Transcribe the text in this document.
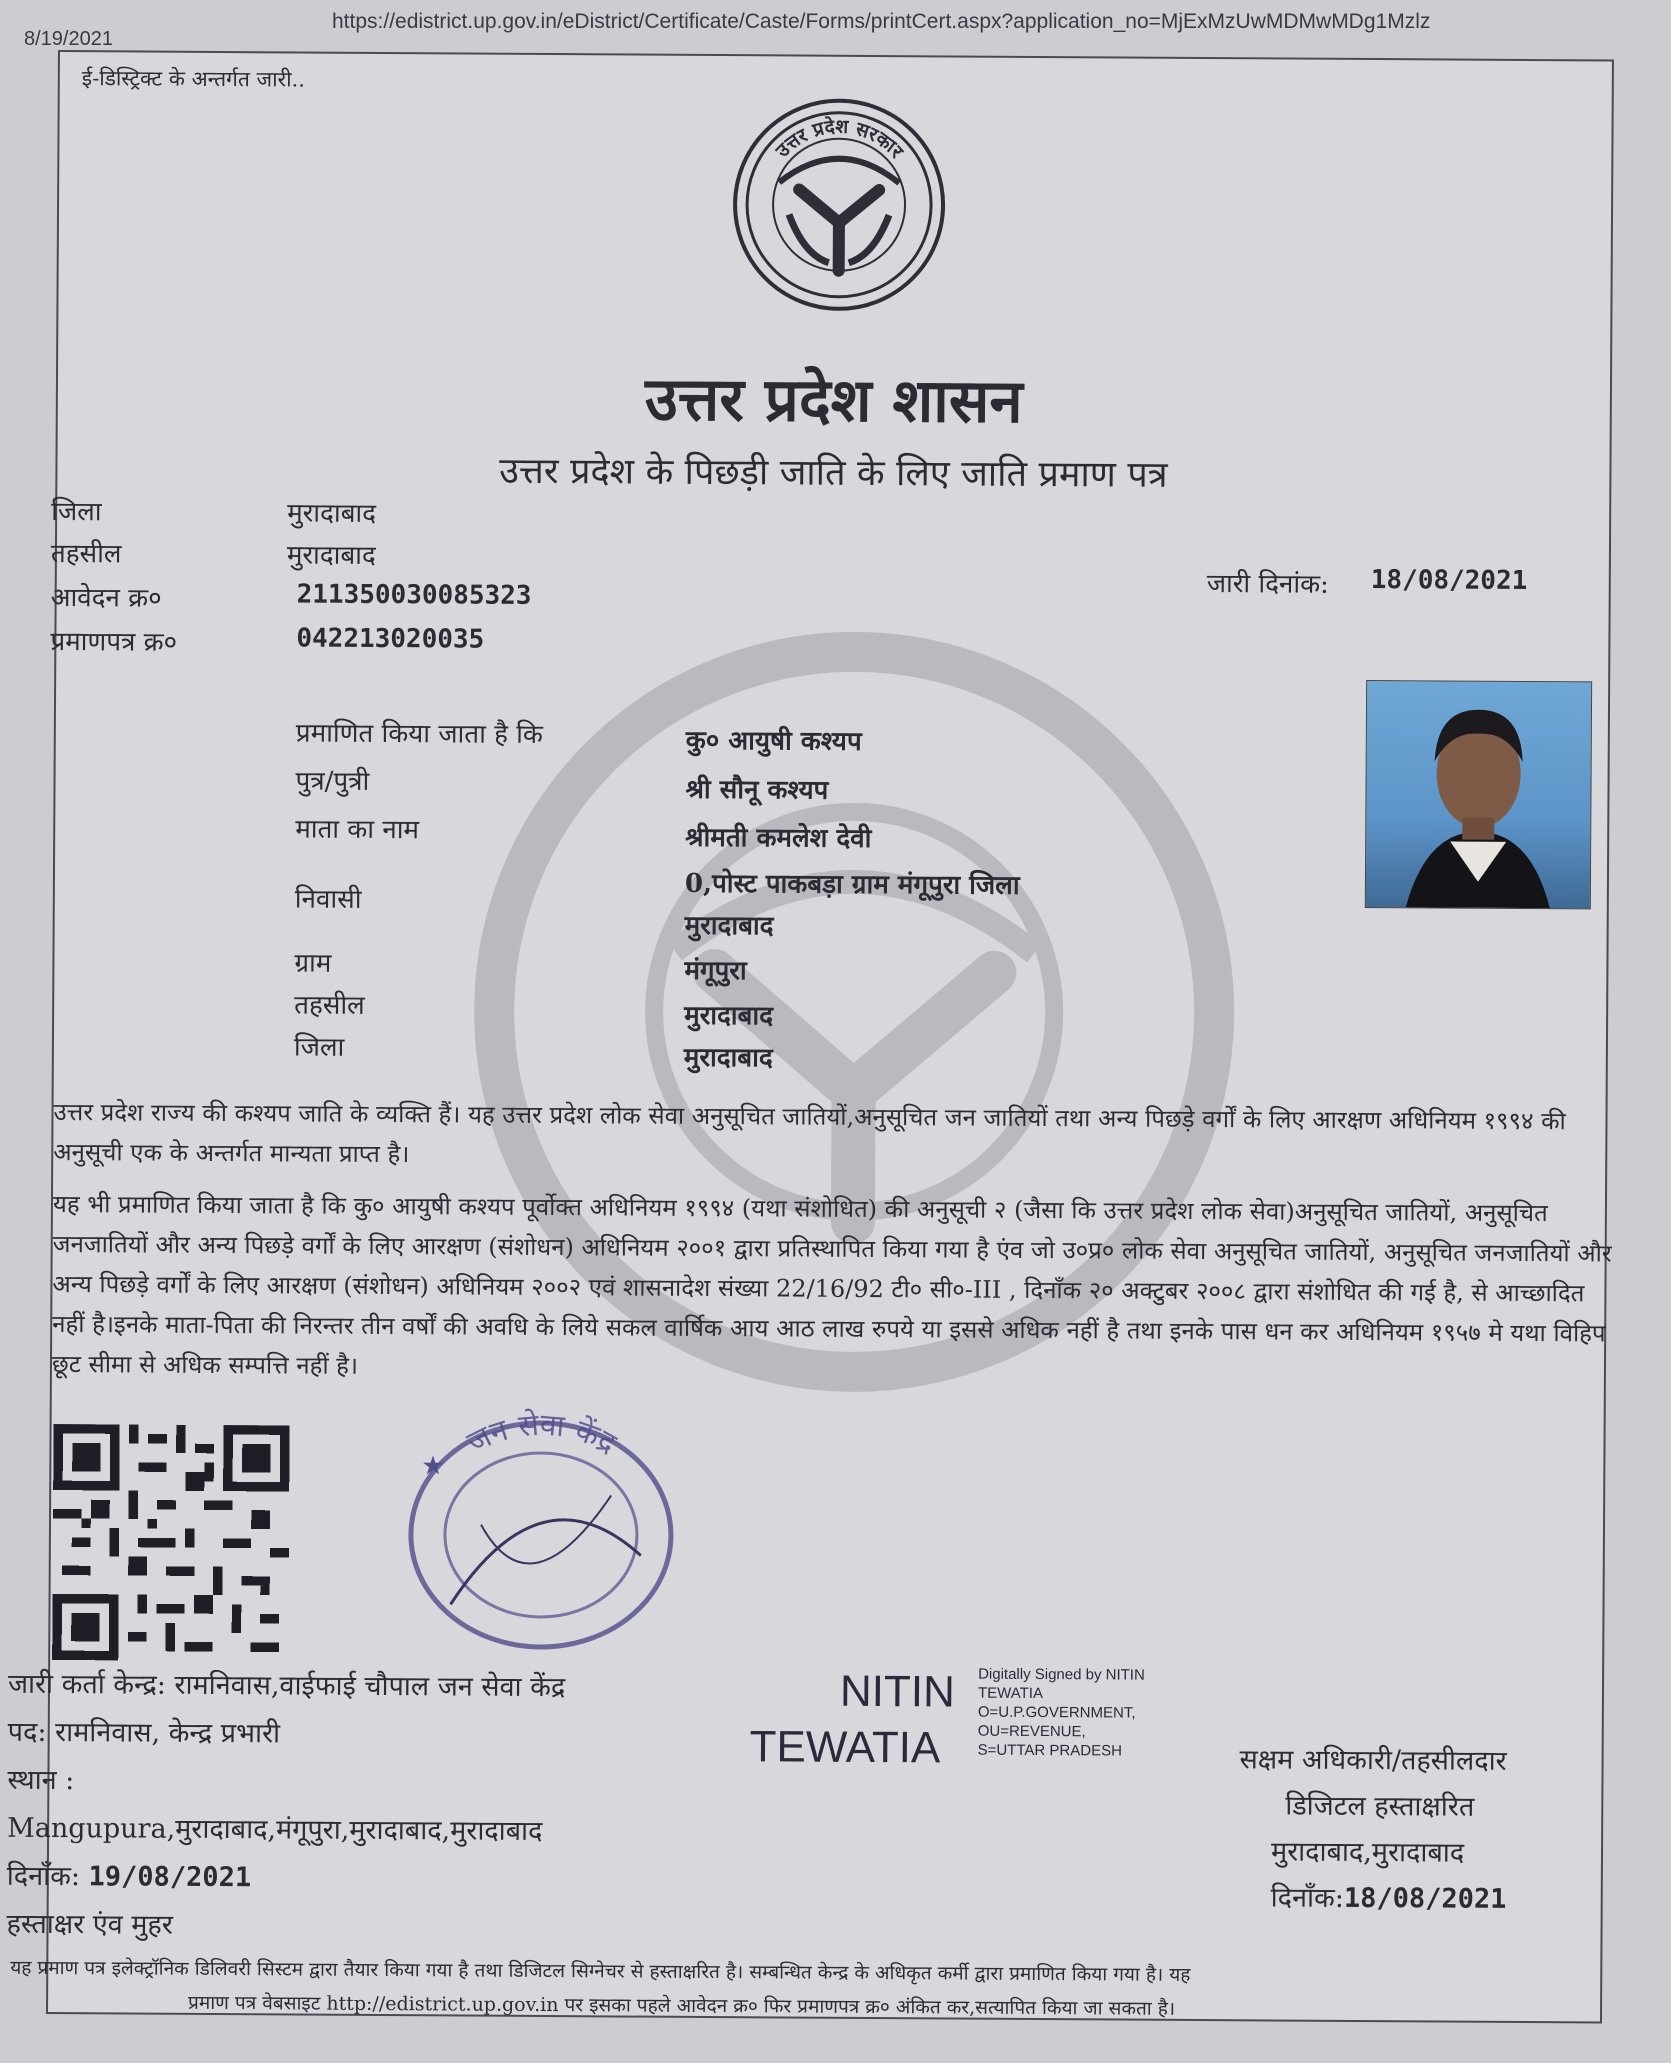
8/19/2021
https://edistrict.up.gov.in/eDistrict/Certificate/Caste/Forms/printCert.aspx?application_no=MjExMzUwMDMwMDg1Mzlz
ई-डिस्ट्रिक्ट के अन्तर्गत जारी..
उत्तर प्रदेश सरकार
उत्तर प्रदेश शासन
उत्तर प्रदेश के पिछड़ी जाति के लिए जाति प्रमाण पत्र
जिला	मुरादाबाद
तहसील	मुरादाबाद
आवेदन क्र०	211350030085323
प्रमाणपत्र क्र०	042213020035
जारी दिनांक: 18/08/2021
प्रमाणित किया जाता है कि	कु० आयुषी कश्यप
पुत्र/पुत्री	श्री सौनू कश्यप
माता का नाम	श्रीमती कमलेश देवी
निवासी	0,पोस्ट पाकबड़ा ग्राम मंगूपुरा जिला
मुरादाबाद
ग्राम	मंगूपुरा
तहसील	मुरादाबाद
जिला	मुरादाबाद
उत्तर प्रदेश राज्य की कश्यप जाति के व्यक्ति हैं। यह उत्तर प्रदेश लोक सेवा अनुसूचित जातियों,अनुसूचित जन जातियों तथा अन्य पिछड़े वर्गों के लिए आरक्षण अधिनियम १९९४ की अनुसूची एक के अन्तर्गत मान्यता प्राप्त है।
यह भी प्रमाणित किया जाता है कि कु० आयुषी कश्यप पूर्वोक्त अधिनियम १९९४ (यथा संशोधित) की अनुसूची २ (जैसा कि उत्तर प्रदेश लोक सेवा)अनुसूचित जातियों, अनुसूचित जनजातियों और अन्य पिछड़े वर्गों के लिए आरक्षण (संशोधन) अधिनियम २००१ द्वारा प्रतिस्थापित किया गया है एंव जो उ०प्र० लोक सेवा अनुसूचित जातियों, अनुसूचित जनजातियों और अन्य पिछड़े वर्गों के लिए आरक्षण (संशोधन) अधिनियम २००२ एवं शासनादेश संख्या 22/16/92 टी० सी०-III , दिनाँक २० अक्टुबर २००८ द्वारा संशोधित की गई है, से आच्छादित नहीं है।इनके माता-पिता की निरन्तर तीन वर्षों की अवधि के लिये सकल वार्षिक आय आठ लाख रुपये या इससे अधिक नहीं है तथा इनके पास धन कर अधिनियम १९५७ मे यथा विहिप छूट सीमा से अधिक सम्पत्ति नहीं है।
जन सेवा केंद्र
★
जारी कर्ता केन्द्र: रामनिवास,वाईफाई चौपाल जन सेवा केंद्र
पद: रामनिवास, केन्द्र प्रभारी
स्थान :
Mangupura,मुरादाबाद,मंगूपुरा,मुरादाबाद,मुरादाबाद
दिनाँक: 19/08/2021
हस्ताक्षर एंव मुहर
NITIN
TEWATIA
Digitally Signed by NITIN
TEWATIA
O=U.P.GOVERNMENT,
OU=REVENUE,
S=UTTAR PRADESH	सक्षम अधिकारी/तहसीलदार
डिजिटल हस्ताक्षरित
मुरादाबाद,मुरादाबाद
दिनाँक:18/08/2021
यह प्रमाण पत्र इलेक्ट्रॉनिक डिलिवरी सिस्टम द्वारा तैयार किया गया है तथा डिजिटल सिग्नेचर से हस्ताक्षरित है। सम्बन्धित केन्द्र के अधिकृत कर्मी द्वारा प्रमाणित किया गया है। यह
प्रमाण पत्र वेबसाइट http://edistrict.up.gov.in पर इसका पहले आवेदन क्र० फिर प्रमाणपत्र क्र० अंकित कर,सत्यापित किया जा सकता है।
